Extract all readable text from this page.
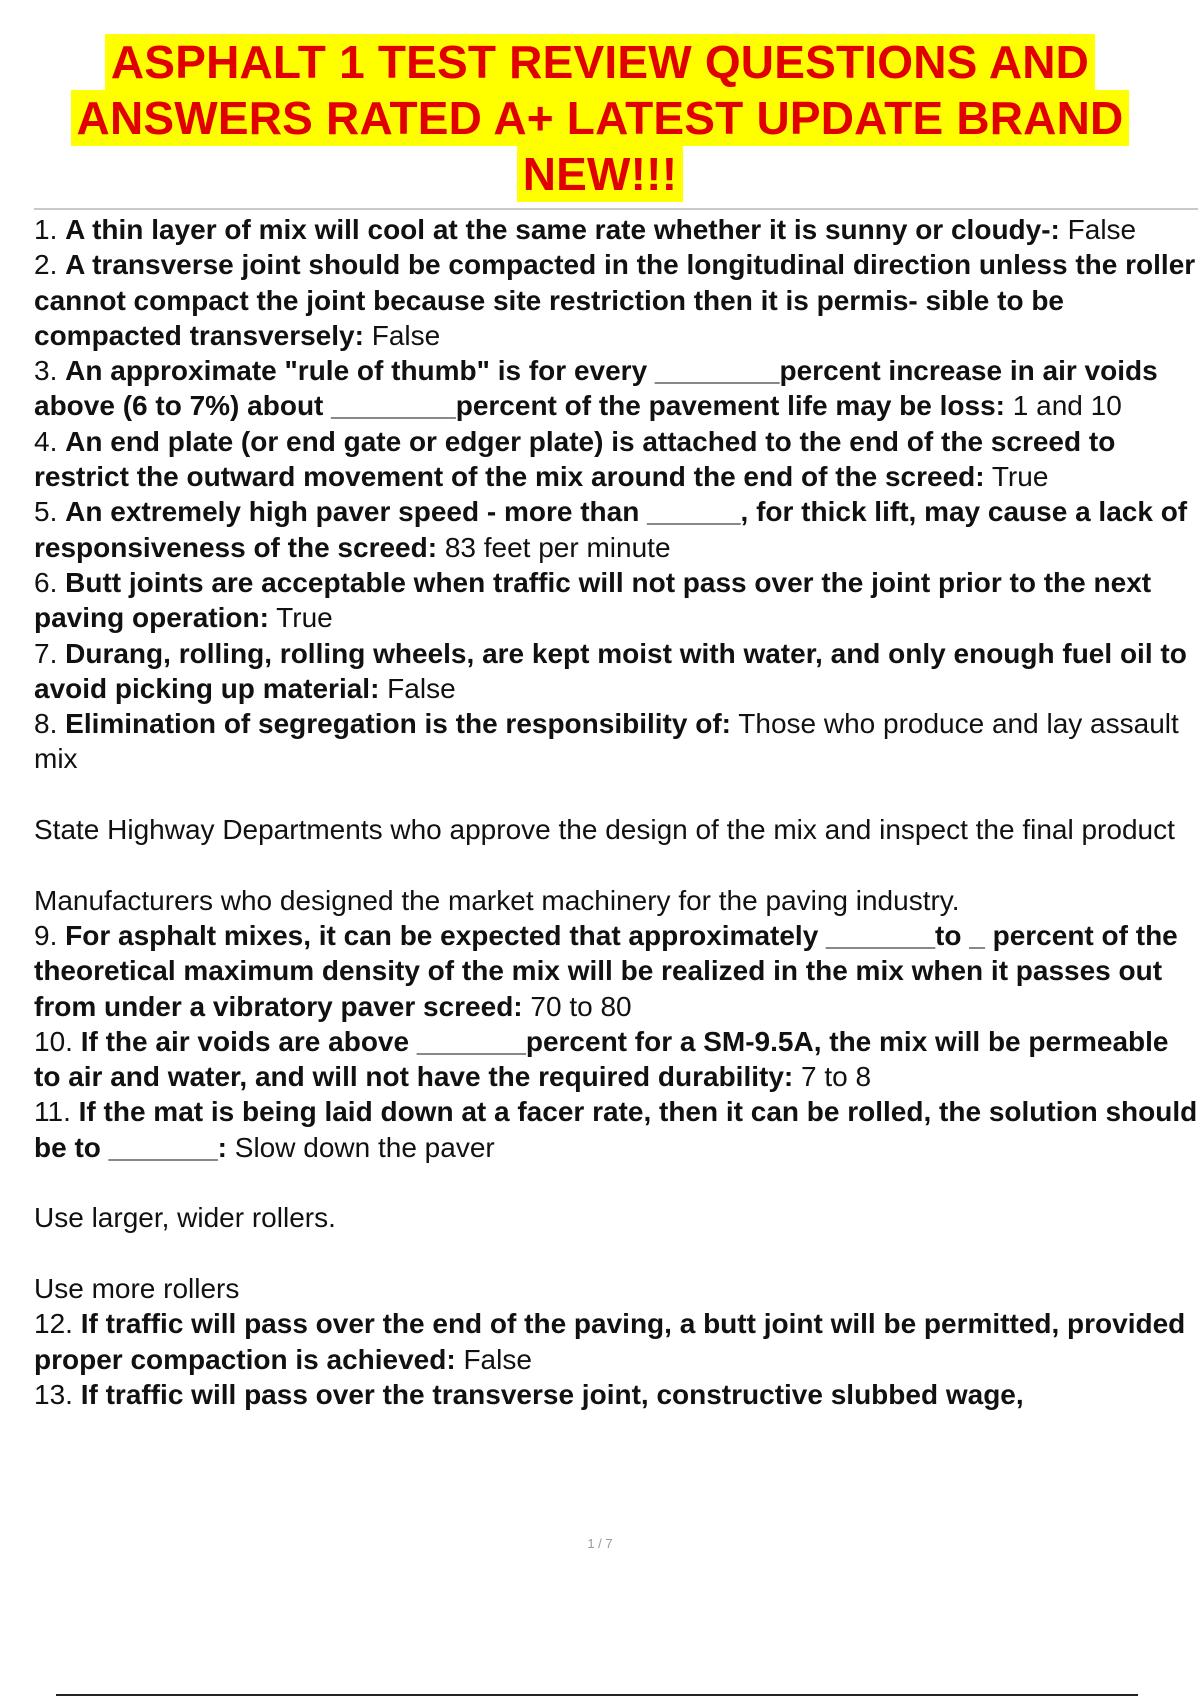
ASPHALT 1 TEST REVIEW QUESTIONS AND
ANSWERS RATED A+ LATEST UPDATE BRAND
NEW!!!

1. A thin layer of mix will cool at the same rate whether it is sunny or cloudy-: False

2. A transverse joint should be compacted in the longitudinal direction unless the roller cannot compact the joint because site restriction then it is permis- sible to be compacted transversely: False

3. An approximate "rule of thumb" is for every ________percent increase in air voids above (6 to 7%) about ________percent of the pavement life may be loss: 1 and 10

4. An end plate (or end gate or edger plate) is attached to the end of the screed to restrict the outward movement of the mix around the end of the screed: True

5. An extremely high paver speed - more than ______, for thick lift, may cause a lack of responsiveness of the screed: 83 feet per minute

6. Butt joints are acceptable when traffic will not pass over the joint prior to the next paving operation: True

7. Durang, rolling, rolling wheels, are kept moist with water, and only enough fuel oil to avoid picking up material: False

8. Elimination of segregation is the responsibility of: Those who produce and lay assault mix

State Highway Departments who approve the design of the mix and inspect the final product

Manufacturers who designed the market machinery for the paving industry.

9. For asphalt mixes, it can be expected that approximately _______to _ percent of the theoretical maximum density of the mix will be realized in the mix when it passes out from under a vibratory paver screed: 70 to 80

10. If the air voids are above _______percent for a SM-9.5A, the mix will be permeable to air and water, and will not have the required durability: 7 to 8

11. If the mat is being laid down at a facer rate, then it can be rolled, the solution should be to _______: Slow down the paver

Use larger, wider rollers.

Use more rollers

12. If traffic will pass over the end of the paving, a butt joint will be permitted, provided proper compaction is achieved: False

13. If traffic will pass over the transverse joint, constructive slubbed wage,

1 / 7
